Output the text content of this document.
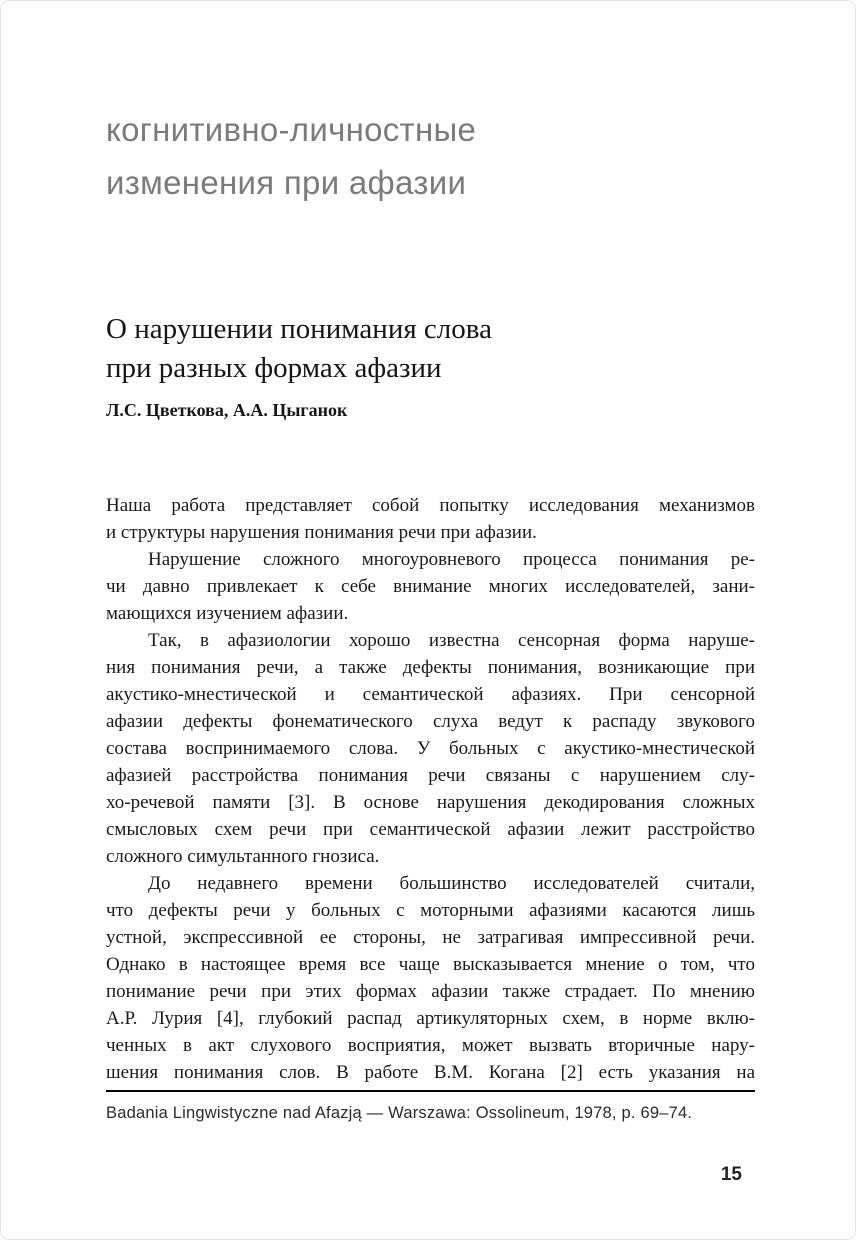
когнитивно-личностные
изменения при афазии
О нарушении понимания слова
при разных формах афазии
Л.С. Цветкова, А.А. Цыганок
Наша работа представляет собой попытку исследования механизмов
и структуры нарушения понимания речи при афазии.
Нарушение сложного многоуровневого процесса понимания ре-
чи давно привлекает к себе внимание многих исследователей, зани-
мающихся изучением афазии.
Так, в афазиологии хорошо известна сенсорная форма наруше-
ния понимания речи, а также дефекты понимания, возникающие при
акустико-мнестической и семантической афазиях. При сенсорной
афазии дефекты фонематического слуха ведут к распаду звукового
состава воспринимаемого слова. У больных с акустико-мнестической
афазией расстройства понимания речи связаны с нарушением слу-
хо-речевой памяти [3]. В основе нарушения декодирования сложных
смысловых схем речи при семантической афазии лежит расстройство
сложного симультанного гнозиса.
До недавнего времени большинство исследователей считали,
что дефекты речи у больных с моторными афазиями касаются лишь
устной, экспрессивной ее стороны, не затрагивая импрессивной речи.
Однако в настоящее время все чаще высказывается мнение о том, что
понимание речи при этих формах афазии также страдает. По мнению
А.Р. Лурия [4], глубокий распад артикуляторных схем, в норме вклю-
ченных в акт слухового восприятия, может вызвать вторичные нару-
шения понимания слов. В работе В.М. Когана [2] есть указания на
Badania Lingwistyczne nad Afazją — Warszawa: Ossolineum, 1978, p. 69–74.
15
